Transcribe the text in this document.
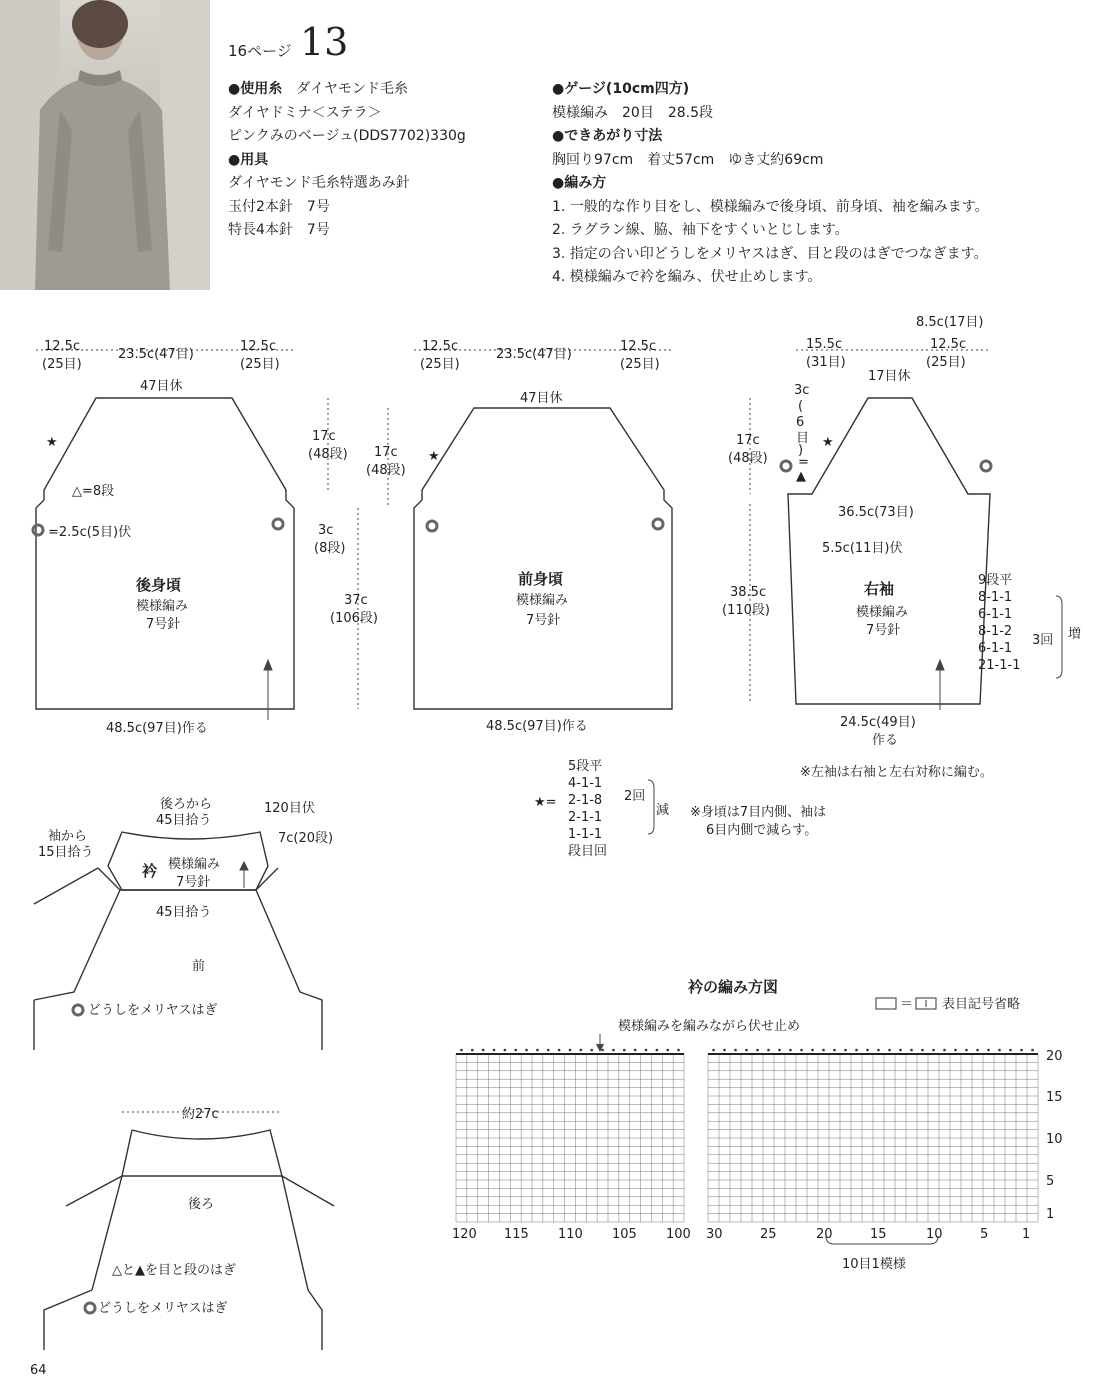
16ページ 13
●使用糸　 ダイヤモンド毛糸
ダイヤドミナ＜ステラ＞
ピンクみのベージュ(DDS7702)330g
●用具
ダイヤモンド毛糸特選あみ針
玉付2本針　7号
特長4本針　7号
●ゲージ(10cm四方)
模様編み　20目　28.5段
●できあがり寸法
胸回り97cm　着丈57cm　ゆき丈約69cm
●編み方
1. 一般的な作り目をし、模様編みで後身頃、前身頃、袖を編みます。
2. ラグラン線、脇、袖下をすくいとじします。
3. 指定の合い印どうしをメリヤスはぎ、目と段のはぎでつなぎます。
4. 模様編みで衿を編み、伏せ止めします。
12.5c
(25目)
23.5c(47目)
12.5c
(25目)
47目休
★
△=8段
=2.5c(5目)伏
後身頃
模様編み
7号針
48.5c(97目)作る
17c
(48段)
3c
(8段)
37c
(106段)
12.5c
(25目)
23.5c(47目)
12.5c
(25目)
47目休
★
17c
(48段)
前身頃
模様編み
7号針
48.5c(97目)作る
15.5c
(31目)
8.5c(17目)
12.5c
(25目)
17目休
3c
(
6
目
)
=
▲
★
17c
(48段)
38.5c
(110段)
36.5c(73目)
5.5c(11目)伏
右袖
模様編み
7号針
24.5c(49目)
作る
9段平
8-1-1
6-1-1
8-1-2
6-1-1
21-1-1
3回 増
※左袖は右袖と左右対称に編む。
5段平
4-1-1
2-1-8
2-1-1
1-1-1
段目回
★=	2回
減 ※身頃は7目内側、袖は
6目内側で減らす。
後ろから
45目拾う
120目伏
袖から
15目拾う
7c(20段)
衿 模様編み
7号針
45目拾う
前
どうしをメリヤスはぎ
約27c
後ろ
△と▲を目と段のはぎ
どうしをメリヤスはぎ
衿の編み方図
＝ 表目記号省略
模様編みを編みながら伏せ止め
120 115 110 105 100 30	25	20	15	10	5	1
20
15
10
5
1
10目1模様
64
